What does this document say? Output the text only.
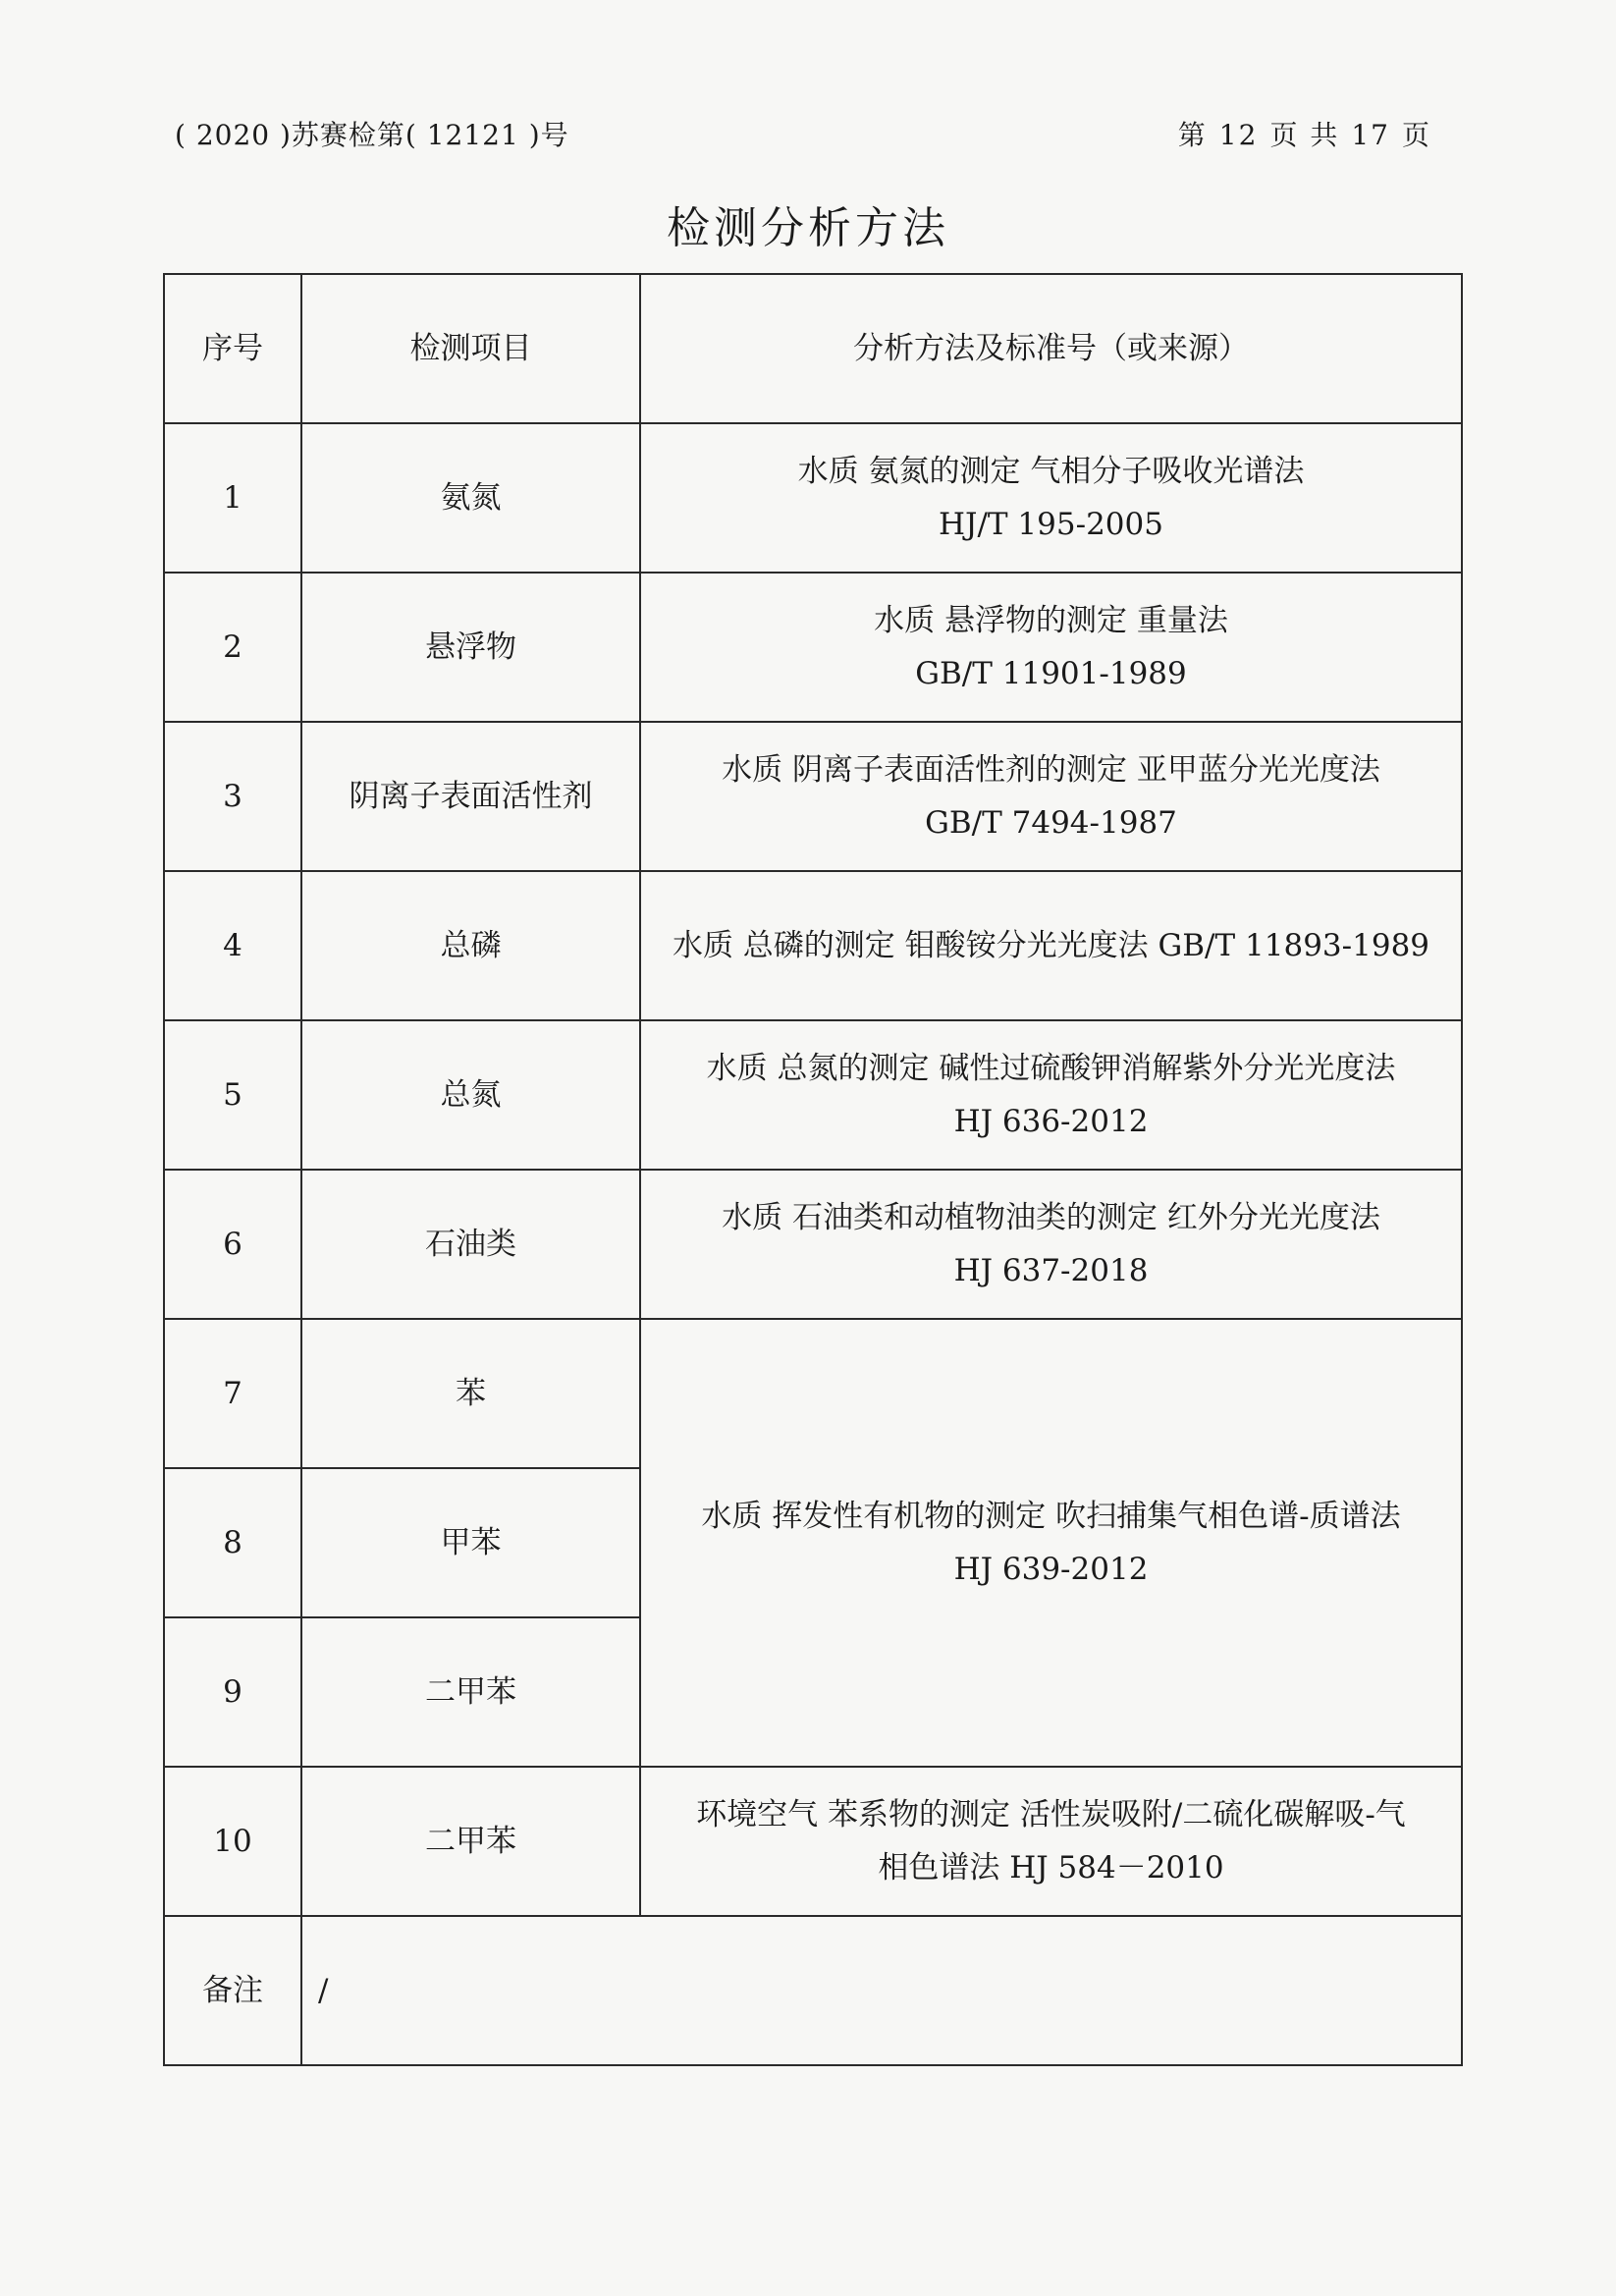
( 2020 )苏赛检第( 12121 )号	第 12 页 共 17 页
检测分析方法
序号	检测项目	分析方法及标准号（或来源）
1	氨氮	水质 氨氮的测定 气相分子吸收光谱法
HJ/T 195-2005

2	悬浮物	水质 悬浮物的测定 重量法
GB/T 11901-1989

3	阴离子表面活性剂	水质 阴离子表面活性剂的测定 亚甲蓝分光光度法
GB/T 7494-1987

4	总磷	水质 总磷的测定 钼酸铵分光光度法 GB/T 11893-1989

5	总氮	水质 总氮的测定 碱性过硫酸钾消解紫外分光光度法
HJ 636-2012

6	石油类	水质 石油类和动植物油类的测定 红外分光光度法
HJ 637-2018

7	苯	水质 挥发性有机物的测定 吹扫捕集气相色谱-质谱法
HJ 639-2012

8	甲苯	
9	二甲苯	
10	二甲苯	环境空气 苯系物的测定 活性炭吸附/二硫化碳解吸-气
相色谱法 HJ 584－2010

备注	/	
